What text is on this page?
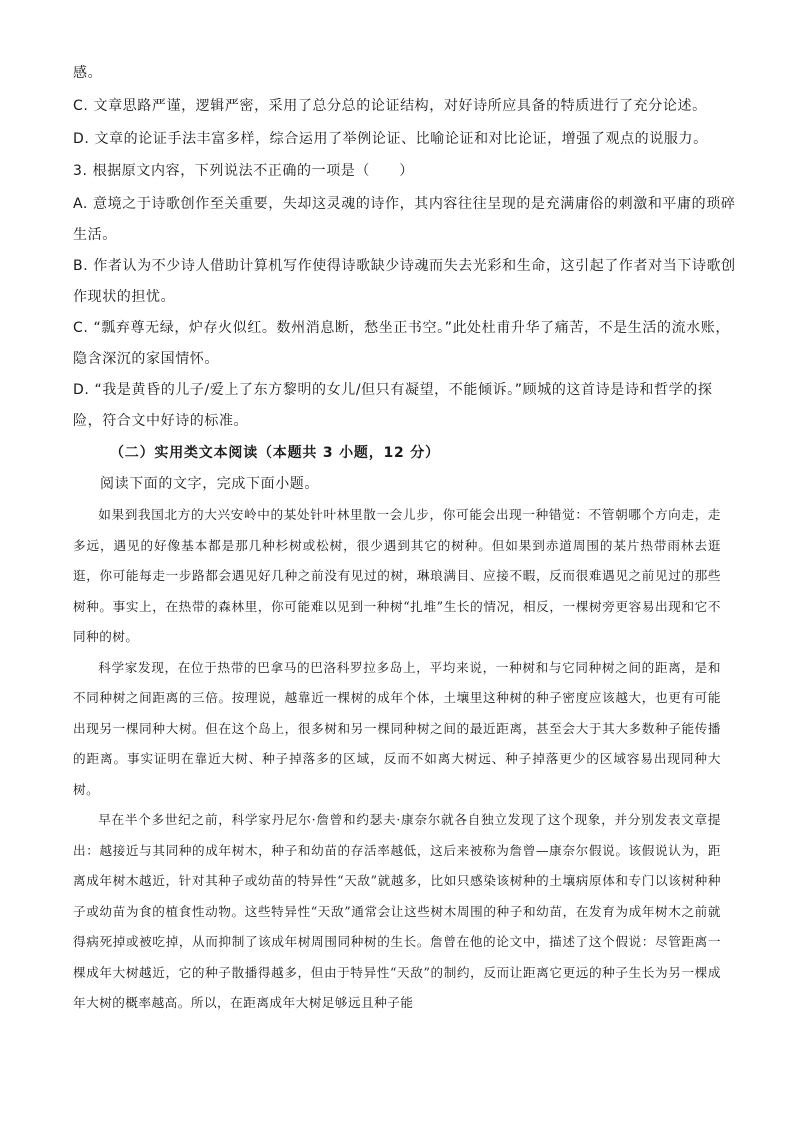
感。
C. 文章思路严谨，逻辑严密，采用了总分总的论证结构，对好诗所应具备的特质进行了充分论述。
D. 文章的论证手法丰富多样，综合运用了举例论证、比喻论证和对比论证，增强了观点的说服力。
3. 根据原文内容，下列说法不正确的一项是（　　）
A. 意境之于诗歌创作至关重要，失却这灵魂的诗作，其内容往往呈现的是充满庸俗的刺激和平庸的琐碎
生活。
B. 作者认为不少诗人借助计算机写作使得诗歌缺少诗魂而失去光彩和生命，这引起了作者对当下诗歌创
作现状的担忧。
C. “瓢弃尊无绿，炉存火似红。数州消息断，愁坐正书空。”此处杜甫升华了痛苦，不是生活的流水账，
隐含深沉的家国情怀。
D. “我是黄昏的儿子/爱上了东方黎明的女儿/但只有凝望，不能倾诉。”顾城的这首诗是诗和哲学的探
险，符合文中好诗的标准。
（二）实用类文本阅读（本题共 3 小题，12 分）
阅读下面的文字，完成下面小题。

如果到我国北方的大兴安岭中的某处针叶林里散一会儿步，你可能会出现一种错觉：不管朝哪个方向走，走多远，遇见的好像基本都是那几种杉树或松树，很少遇到其它的树种。但如果到赤道周围的某片热带雨林去逛逛，你可能每走一步路都会遇见好几种之前没有见过的树，琳琅满目、应接不暇，反而很难遇见之前见过的那些树种。事实上，在热带的森林里，你可能难以见到一种树“扎堆”生长的情况，相反，一棵树旁更容易出现和它不同种的树。

科学家发现，在位于热带的巴拿马的巴洛科罗拉多岛上，平均来说，一种树和与它同种树之间的距离，是和不同种树之间距离的三倍。按理说，越靠近一棵树的成年个体，土壤里这种树的种子密度应该越大，也更有可能出现另一棵同种大树。但在这个岛上，很多树和另一棵同种树之间的最近距离，甚至会大于其大多数种子能传播的距离。事实证明在靠近大树、种子掉落多的区域，反而不如离大树远、种子掉落更少的区域容易出现同种大树。

早在半个多世纪之前，科学家丹尼尔·詹曾和约瑟夫·康奈尔就各自独立发现了这个现象，并分别发表文章提出：越接近与其同种的成年树木，种子和幼苗的存活率越低，这后来被称为詹曾—康奈尔假说。该假说认为，距离成年树木越近，针对其种子或幼苗的特异性“天敌”就越多，比如只感染该树种的土壤病原体和专门以该树种种子或幼苗为食的植食性动物。这些特异性“天敌”通常会让这些树木周围的种子和幼苗，在发育为成年树木之前就得病死掉或被吃掉，从而抑制了该成年树周围同种树的生长。詹曾在他的论文中，描述了这个假说：尽管距离一棵成年大树越近，它的种子散播得越多，但由于特异性“天敌”的制约，反而让距离它更远的种子生长为另一棵成年大树的概率越高。所以，在距离成年大树足够远且种子能
